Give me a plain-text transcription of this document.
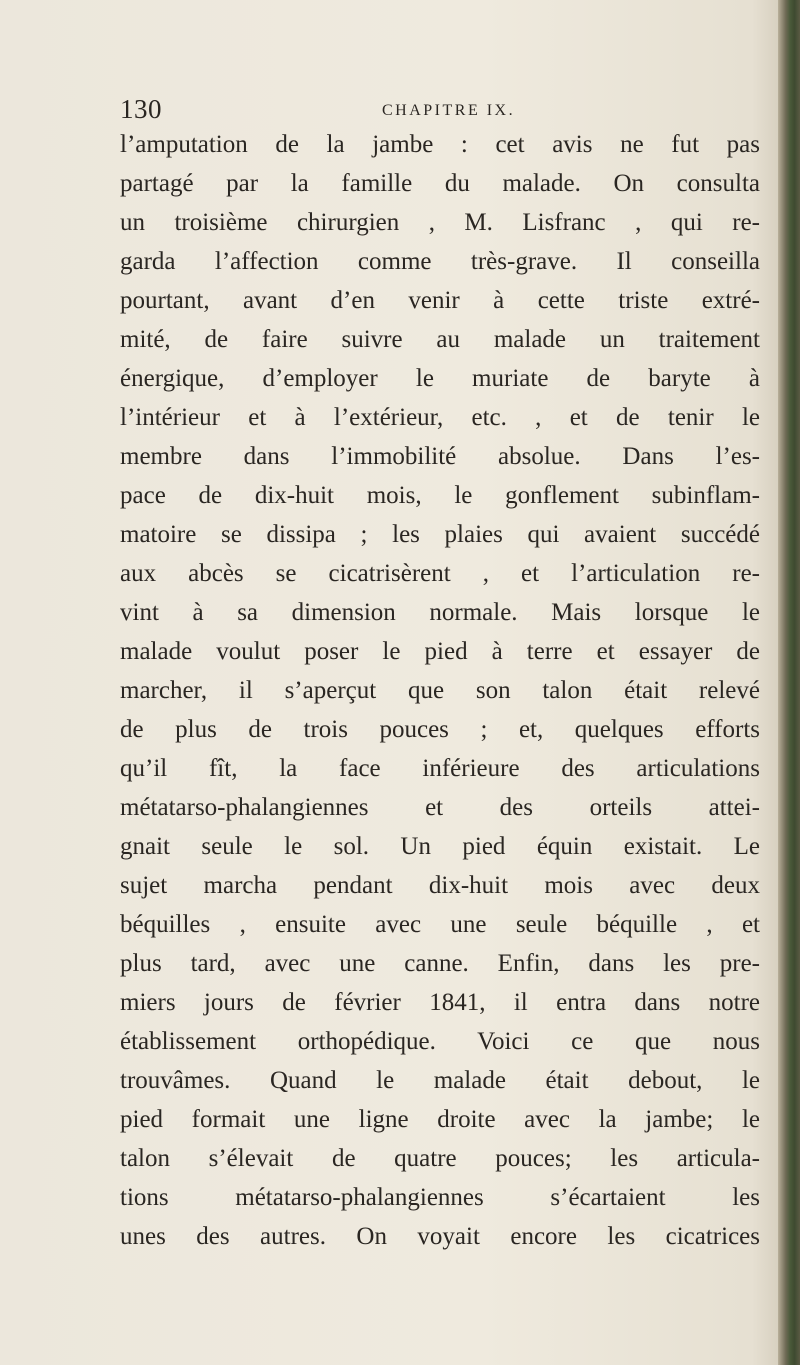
130	CHAPITRE IX.
l’amputation de la jambe : cet avis ne fut pas
partagé par la famille du malade. On consulta
un troisième chirurgien , M. Lisfranc , qui re-
garda l’affection comme très-grave. Il conseilla
pourtant, avant d’en venir à cette triste extré-
mité, de faire suivre au malade un traitement
énergique, d’employer le muriate de baryte à
l’intérieur et à l’extérieur, etc. , et de tenir le
membre dans l’immobilité absolue. Dans l’es-
pace de dix-huit mois, le gonflement subinflam-
matoire se dissipa ; les plaies qui avaient succédé
aux abcès se cicatrisèrent , et l’articulation re-
vint à sa dimension normale. Mais lorsque le
malade voulut poser le pied à terre et essayer de
marcher, il s’aperçut que son talon était relevé
de plus de trois pouces ; et, quelques efforts
qu’il fît, la face inférieure des articulations
métatarso-phalangiennes et des orteils attei-
gnait seule le sol. Un pied équin existait. Le
sujet marcha pendant dix-huit mois avec deux
béquilles , ensuite avec une seule béquille , et
plus tard, avec une canne. Enfin, dans les pre-
miers jours de février 1841, il entra dans notre
établissement orthopédique. Voici ce que nous
trouvâmes. Quand le malade était debout, le
pied formait une ligne droite avec la jambe; le
talon s’élevait de quatre pouces; les articula-
tions métatarso-phalangiennes s’écartaient les
unes des autres. On voyait encore les cicatrices
